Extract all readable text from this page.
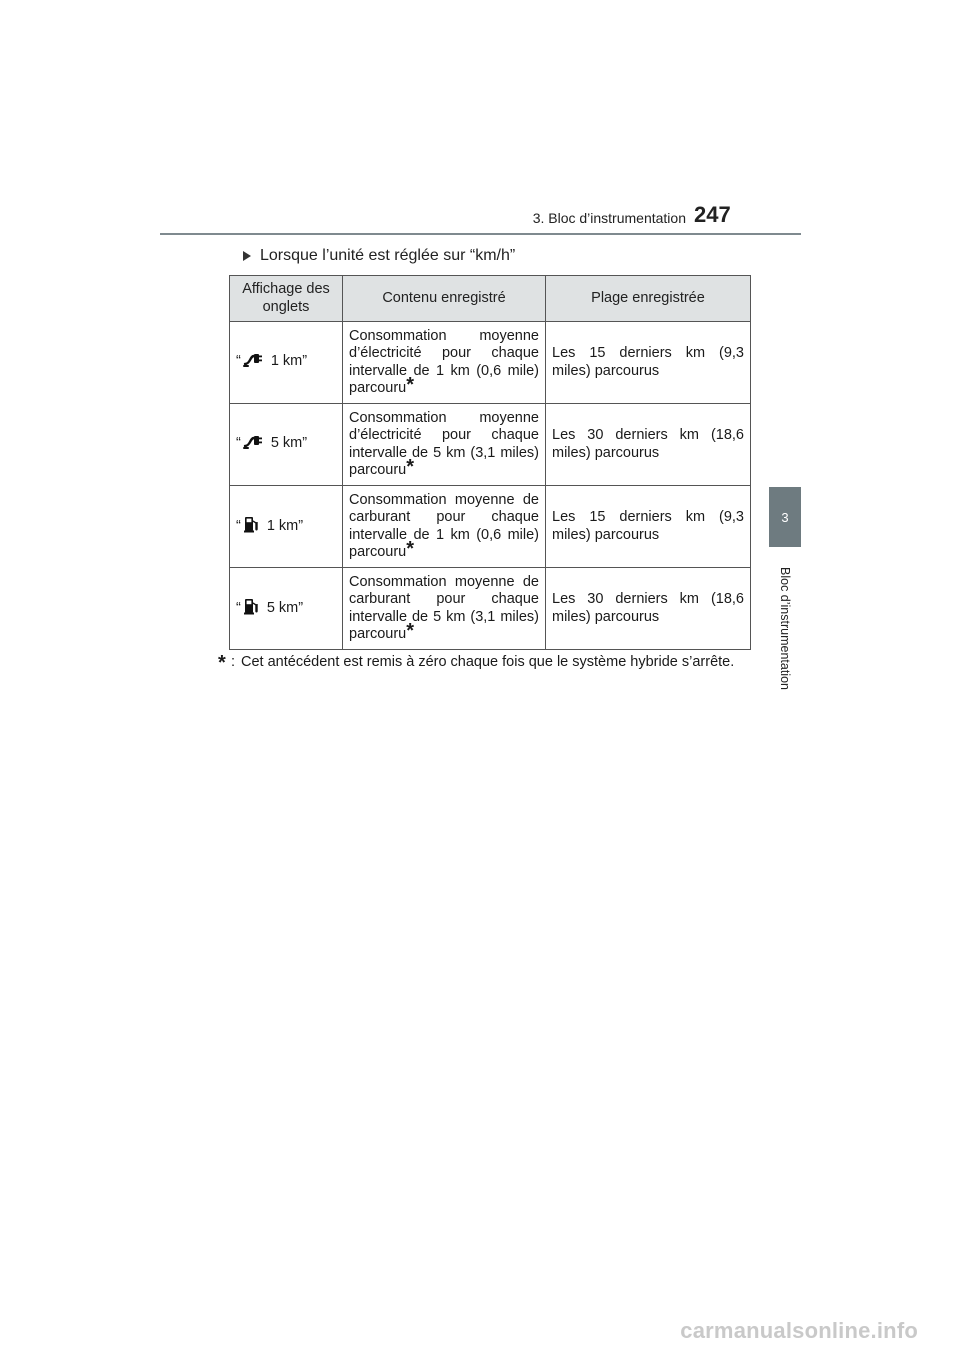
3. Bloc d’instrumentation 247
3
Bloc d’instrumentation
Lorsque l’unité est réglée sur “km/h”
Affichage des onglets	Contenu enregistré	Plage enregistrée
“ 1 km”	Consommation moyenne d’électricité pour chaque intervalle de 1 km (0,6 mile) parcouru*	Les 15 derniers km (9,3 miles) parcourus
“ 5 km”	Consommation moyenne d’électricité pour chaque intervalle de 5 km (3,1 miles) parcouru*	Les 30 derniers km (18,6 miles) parcourus
“ 1 km”	Consommation moyenne de carburant pour chaque intervalle de 1 km (0,6 mile) parcouru*	Les 15 derniers km (9,3 miles) parcourus
“ 5 km”	Consommation moyenne de carburant pour chaque intervalle de 5 km (3,1 miles) parcouru*	Les 30 derniers km (18,6 miles) parcourus
* : Cet antécédent est remis à zéro chaque fois que le système hybride s’arrête.
carmanualsonline.info
